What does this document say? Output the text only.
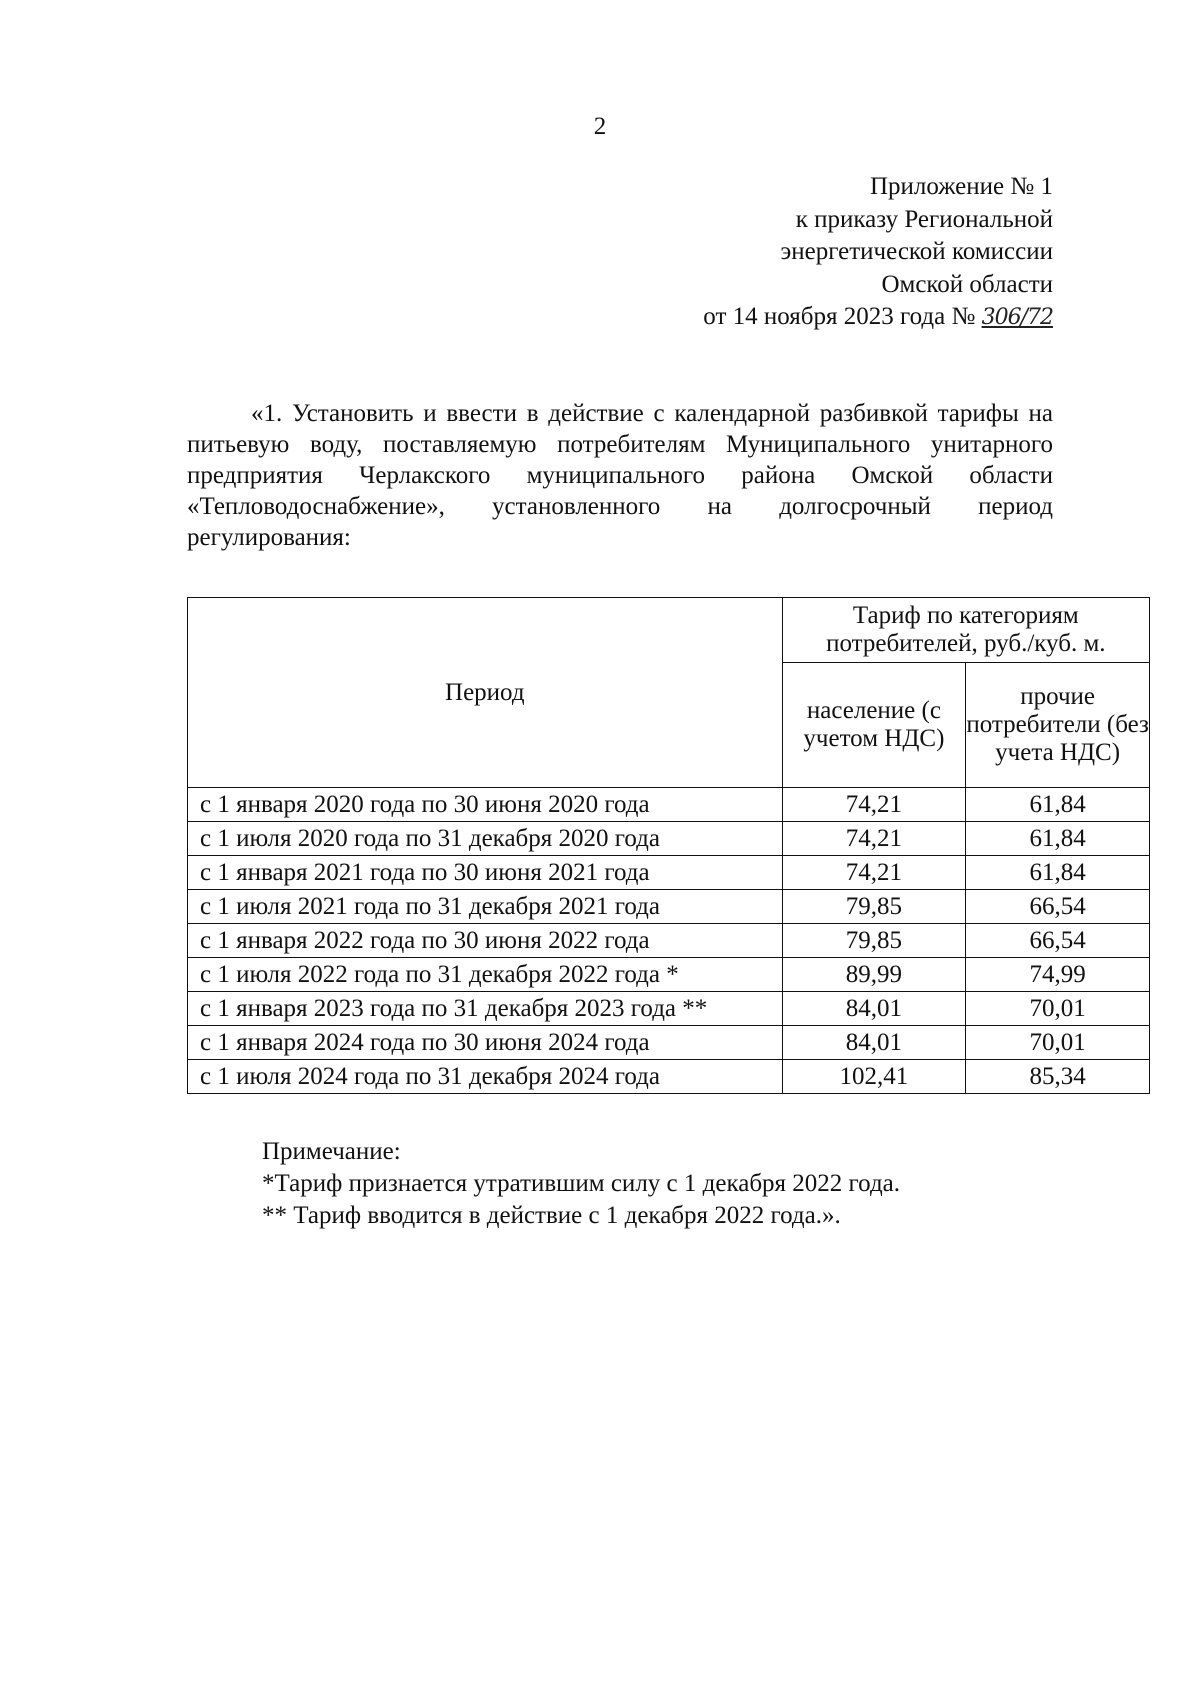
2
Приложение № 1
к приказу Региональной
энергетической комиссии
Омской области
от 14 ноября 2023 года № 306/72
«1. Установить и ввести в действие с календарной разбивкой тарифы на питьевую воду, поставляемую потребителям Муниципального унитарного предприятия Черлакского муниципального района Омской области «Тепловодоснабжение», установленного на долгосрочный период регулирования:
Период	Тариф по категориям потребителей, руб./куб. м.	
	население (с учетом НДС)	прочие потребители (без учета НДС)
с 1 января 2020 года по 30 июня 2020 года	74,21	61,84
с 1 июля 2020 года по 31 декабря 2020 года	74,21	61,84
с 1 января 2021 года по 30 июня 2021 года	74,21	61,84
с 1 июля 2021 года по 31 декабря 2021 года	79,85	66,54
с 1 января 2022 года по 30 июня 2022 года	79,85	66,54
с 1 июля 2022 года по 31 декабря 2022 года *	89,99	74,99
с 1 января 2023 года по 31 декабря 2023 года **	84,01	70,01
с 1 января 2024 года по 30 июня 2024 года	84,01	70,01
с 1 июля 2024 года по 31 декабря 2024 года	102,41	85,34
Примечание:
*Тариф признается утратившим силу с 1 декабря 2022 года.
** Тариф вводится в действие с 1 декабря 2022 года.».
